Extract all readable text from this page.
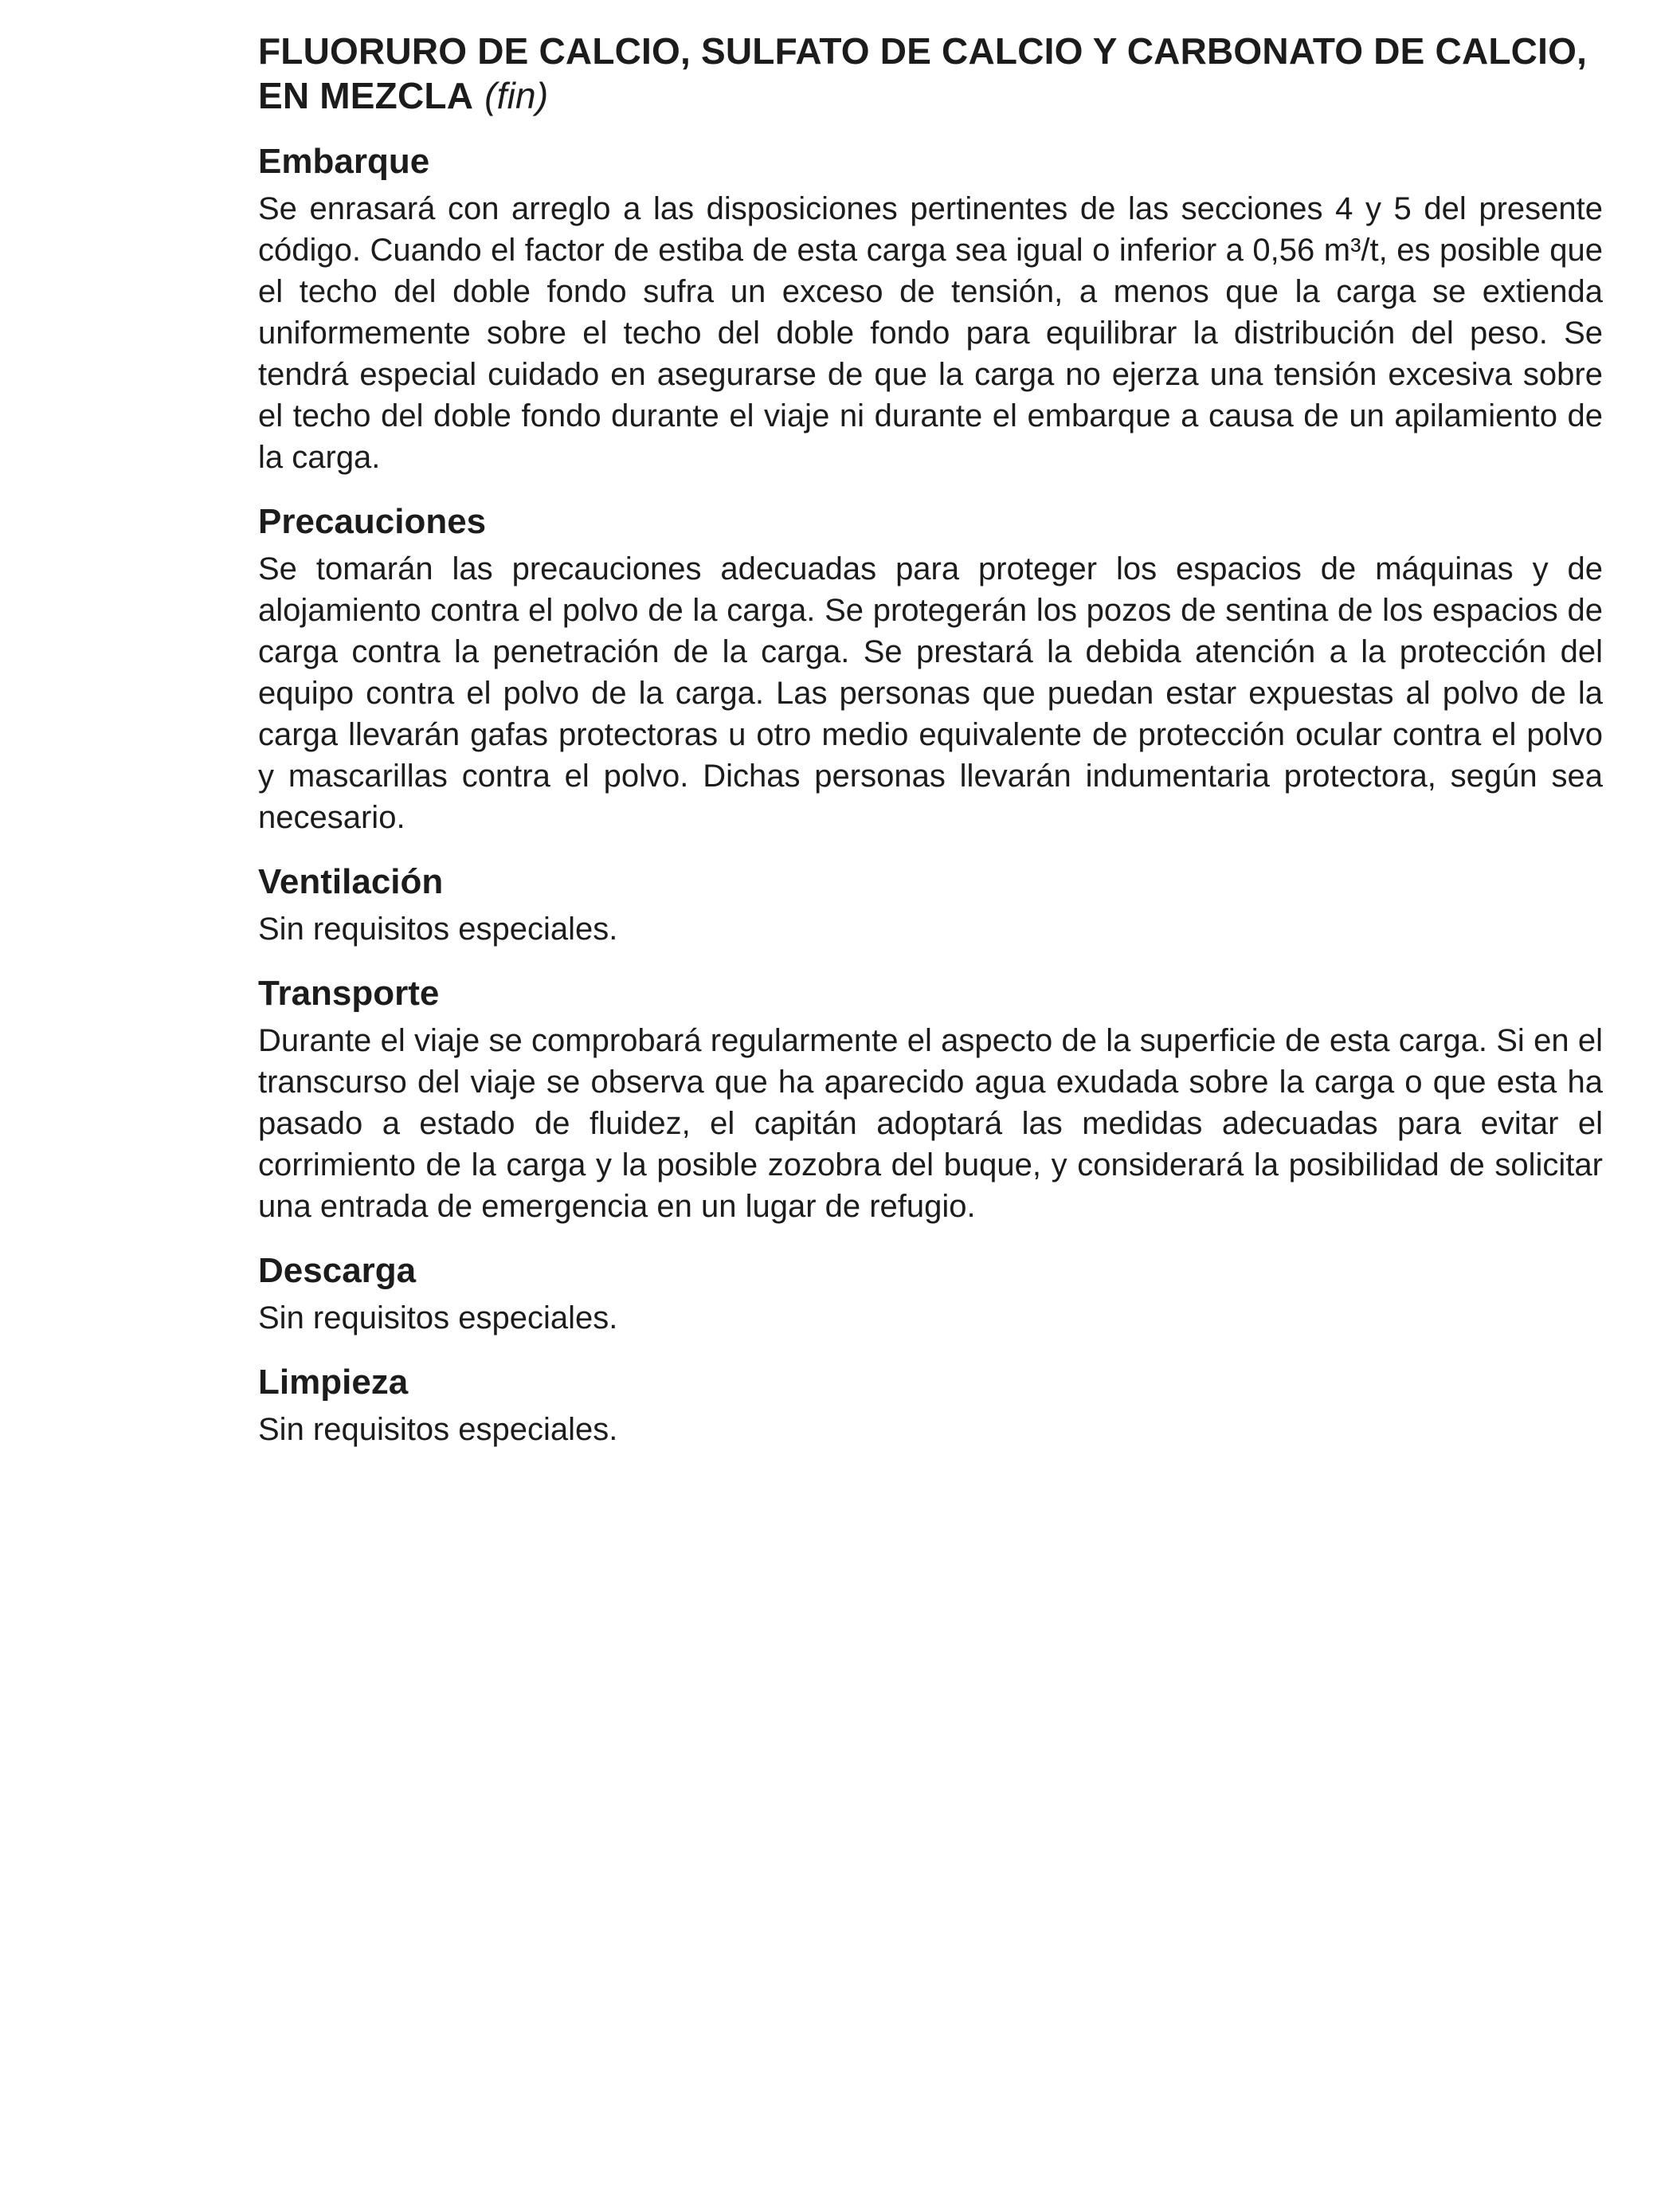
FLUORURO DE CALCIO, SULFATO DE CALCIO Y CARBONATO DE CALCIO,
EN MEZCLA (fin)
Embarque

Se enrasará con arreglo a las disposiciones pertinentes de las secciones 4 y 5 del presente código. Cuando el factor de estiba de esta carga sea igual o inferior a 0,56 m³/t, es posible que el techo del doble fondo sufra un exceso de tensión, a menos que la carga se extienda uniformemente sobre el techo del doble fondo para equilibrar la distribución del peso. Se tendrá especial cuidado en asegurarse de que la carga no ejerza una tensión excesiva sobre el techo del doble fondo durante el viaje ni durante el embarque a causa de un apilamiento de la carga.

Precauciones

Se tomarán las precauciones adecuadas para proteger los espacios de máquinas y de alojamiento contra el polvo de la carga. Se protegerán los pozos de sentina de los espacios de carga contra la penetración de la carga. Se prestará la debida atención a la protección del equipo contra el polvo de la carga. Las personas que puedan estar expuestas al polvo de la carga llevarán gafas protectoras u otro medio equivalente de protección ocular contra el polvo y mascarillas contra el polvo. Dichas personas llevarán indumentaria protectora, según sea necesario.

Ventilación

Sin requisitos especiales.

Transporte

Durante el viaje se comprobará regularmente el aspecto de la superficie de esta carga. Si en el transcurso del viaje se observa que ha aparecido agua exudada sobre la carga o que esta ha pasado a estado de fluidez, el capitán adoptará las medidas adecuadas para evitar el corrimiento de la carga y la posible zozobra del buque, y considerará la posibilidad de solicitar una entrada de emergencia en un lugar de refugio.

Descarga

Sin requisitos especiales.

Limpieza

Sin requisitos especiales.
